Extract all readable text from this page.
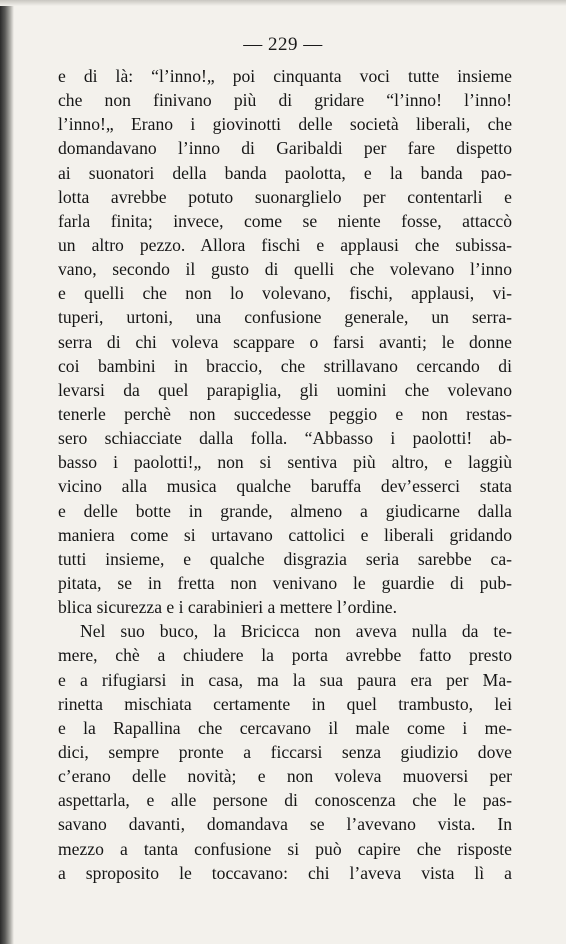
— 229 —
e di là: “l’inno!„ poi cinquanta voci tutte insieme
che non finivano più di gridare “l’inno! l’inno!
l’inno!„ Erano i giovinotti delle società liberali, che
domandavano l’inno di Garibaldi per fare dispetto
ai suonatori della banda paolotta, e la banda pao-
lotta avrebbe potuto suonarglielo per contentarli e
farla finita; invece, come se niente fosse, attaccò
un altro pezzo. Allora fischi e applausi che subissa-
vano, secondo il gusto di quelli che volevano l’inno
e quelli che non lo volevano, fischi, applausi, vi-
tuperi, urtoni, una confusione generale, un serra-
serra di chi voleva scappare o farsi avanti; le donne
coi bambini in braccio, che strillavano cercando di
levarsi da quel parapiglia, gli uomini che volevano
tenerle perchè non succedesse peggio e non restas-
sero schiacciate dalla folla. “Abbasso i paolotti! ab-
basso i paolotti!„ non si sentiva più altro, e laggiù
vicino alla musica qualche baruffa dev’esserci stata
e delle botte in grande, almeno a giudicarne dalla
maniera come si urtavano cattolici e liberali gridando
tutti insieme, e qualche disgrazia seria sarebbe ca-
pitata, se in fretta non venivano le guardie di pub-
blica sicurezza e i carabinieri a mettere l’ordine.
Nel suo buco, la Bricicca non aveva nulla da te-
mere, chè a chiudere la porta avrebbe fatto presto
e a rifugiarsi in casa, ma la sua paura era per Ma-
rinetta mischiata certamente in quel trambusto, lei
e la Rapallina che cercavano il male come i me-
dici, sempre pronte a ficcarsi senza giudizio dove
c’erano delle novità; e non voleva muoversi per
aspettarla, e alle persone di conoscenza che le pas-
savano davanti, domandava se l’avevano vista. In
mezzo a tanta confusione si può capire che risposte
a sproposito le toccavano: chi l’aveva vista lì a
